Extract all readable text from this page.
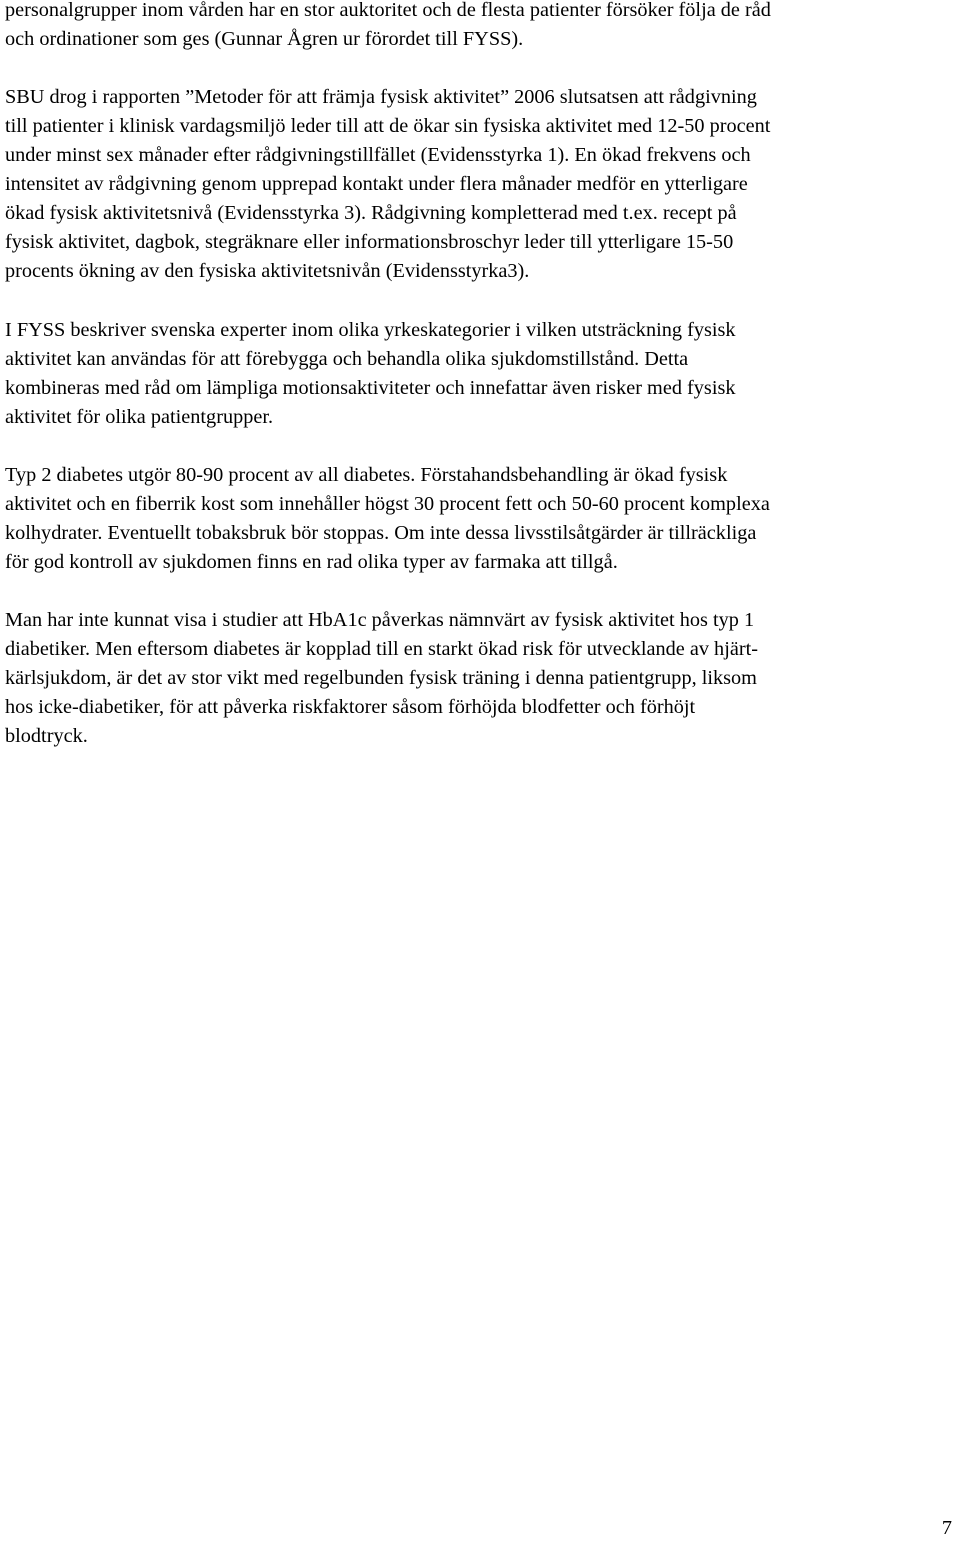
personalgrupper inom vården har en stor auktoritet och de flesta patienter försöker följa de råd
och ordinationer som ges (Gunnar Ågren ur förordet till FYSS).

SBU drog i rapporten ”Metoder för att främja fysisk aktivitet” 2006 slutsatsen att rådgivning
till patienter i klinisk vardagsmiljö leder till att de ökar sin fysiska aktivitet med 12-50 procent
under minst sex månader efter rådgivningstillfället (Evidensstyrka 1). En ökad frekvens och
intensitet av rådgivning genom upprepad kontakt under flera månader medför en ytterligare
ökad fysisk aktivitetsnivå (Evidensstyrka 3). Rådgivning kompletterad med t.ex. recept på
fysisk aktivitet, dagbok, stegräknare eller informationsbroschyr leder till ytterligare 15-50
procents ökning av den fysiska aktivitetsnivån (Evidensstyrka3).

I FYSS beskriver svenska experter inom olika yrkeskategorier i vilken utsträckning fysisk
aktivitet kan användas för att förebygga och behandla olika sjukdomstillstånd. Detta
kombineras med råd om lämpliga motionsaktiviteter och innefattar även risker med fysisk
aktivitet för olika patientgrupper.

Typ 2 diabetes utgör 80-90 procent av all diabetes. Förstahandsbehandling är ökad fysisk
aktivitet och en fiberrik kost som innehåller högst 30 procent fett och 50-60 procent komplexa
kolhydrater. Eventuellt tobaksbruk bör stoppas. Om inte dessa livsstilsåtgärder är tillräckliga
för god kontroll av sjukdomen finns en rad olika typer av farmaka att tillgå.

Man har inte kunnat visa i studier att HbA1c påverkas nämnvärt av fysisk aktivitet hos typ 1
diabetiker. Men eftersom diabetes är kopplad till en starkt ökad risk för utvecklande av hjärt-
kärlsjukdom, är det av stor vikt med regelbunden fysisk träning i denna patientgrupp, liksom
hos icke-diabetiker, för att påverka riskfaktorer såsom förhöjda blodfetter och förhöjt
blodtryck.

7
